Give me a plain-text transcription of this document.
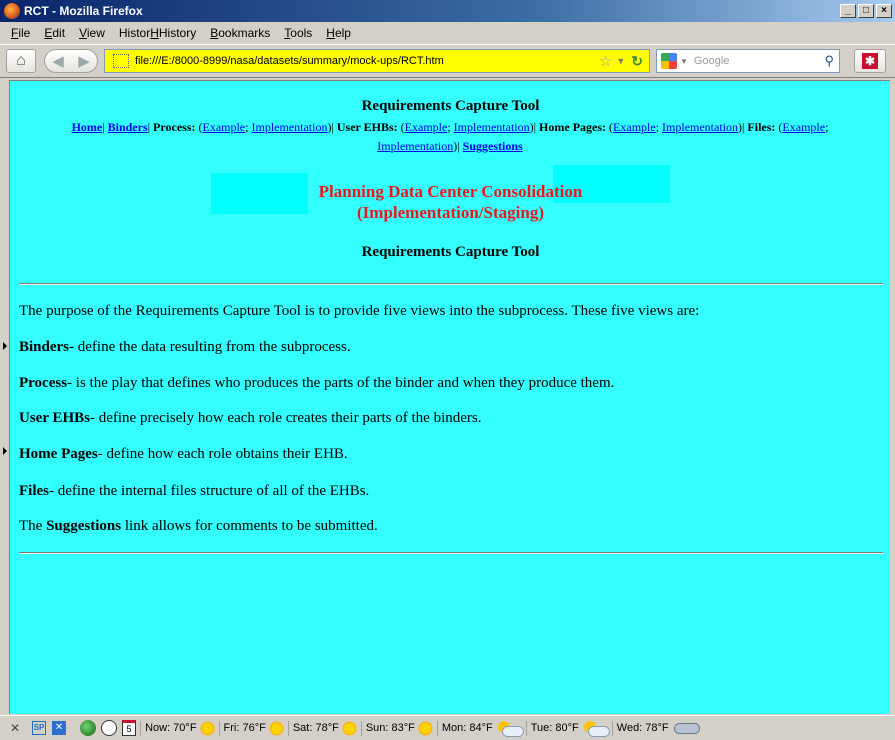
RCT - Mozilla Firefox	_	□	×
File	Edit	View	HistorHHistory	Bookmarks	Tools	Help
⌂ ◀ ▶	file:///E:/8000-8999/nasa/datasets/summary/mock-ups/RCT.htm	☆ ▼ ↻	▼ Google	⚲	✱
Requirements Capture Tool
Home| Binders| Process: (Example; Implementation)| User EHBs: (Example; Implementation)| Home Pages: (Example; Implementation)| Files: (Example; Implementation)| Suggestions
Planning Data Center Consolidation
(Implementation/Staging)
Requirements Capture Tool
The purpose of the Requirements Capture Tool is to provide five views into the subprocess. These five views are:
Binders- define the data resulting from the subprocess.
Process- is the play that defines who produces the parts of the binder and when they produce them.
User EHBs- define precisely how each role creates their parts of the binders.
Home Pages- define how each role obtains their EHB.
Files- define the internal files structure of all of the EHBs.
The Suggestions link allows for comments to be submitted.
✕ SP ✕	5	Now: 70°F Fri: 76°F Sat: 78°F Sun: 83°F Mon: 84°F	Tue: 80°F	Wed: 78°F
